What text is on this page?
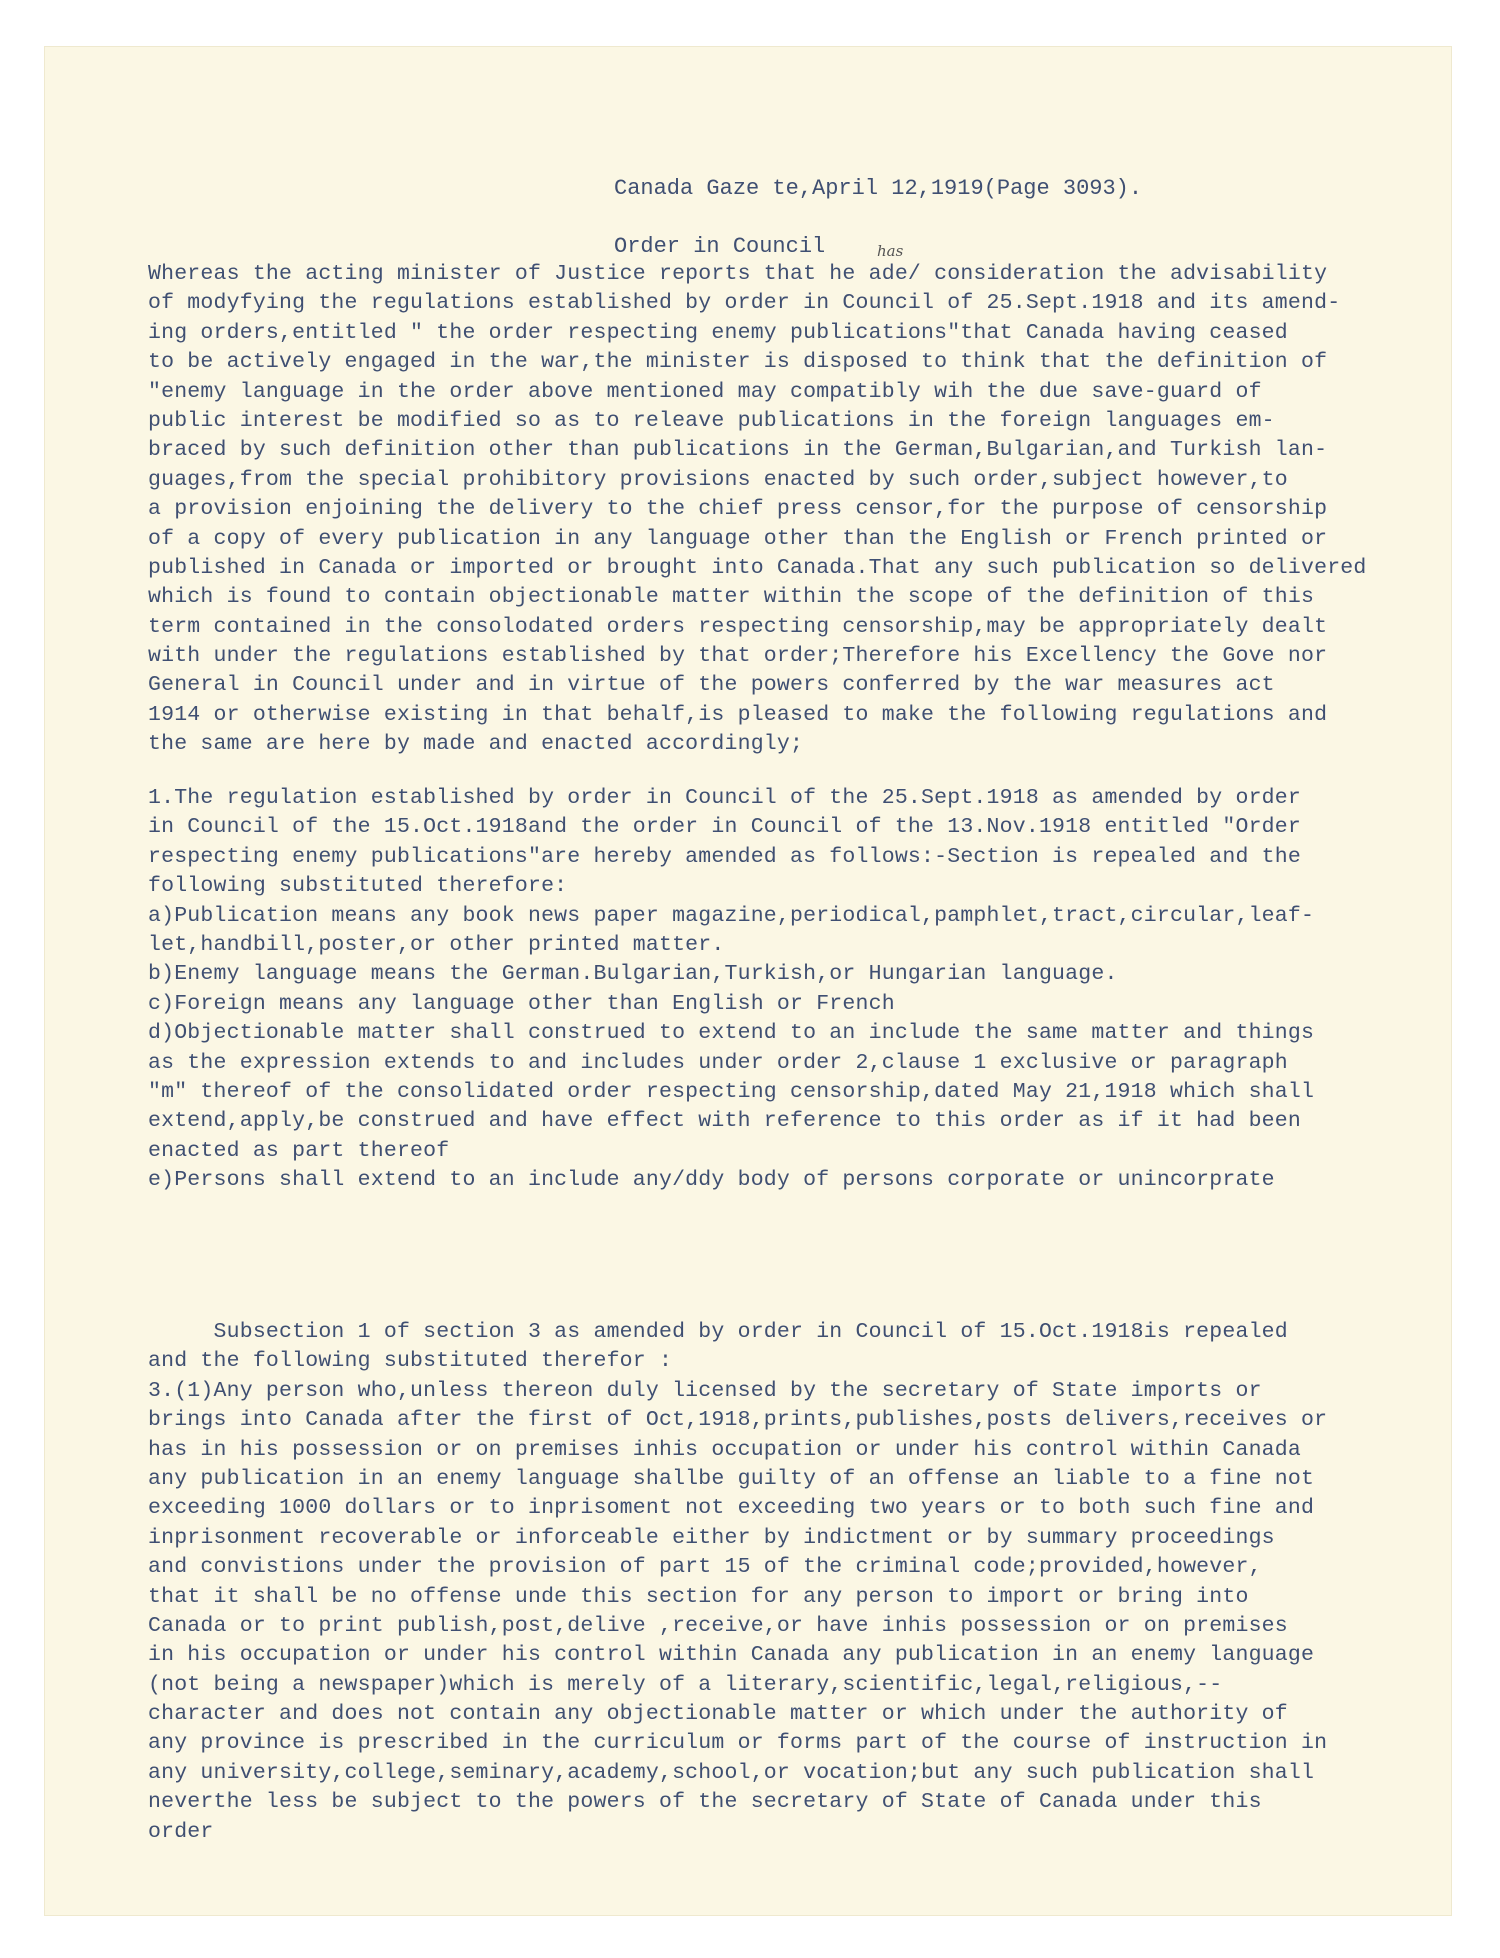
Canada Gaze te,April 12,1919(Page 3093).
Order in Council	has

Whereas the acting minister of Justice reports that he ade/ consideration the advisability

of modyfying the regulations established by order in Council of 25.Sept.1918 and its amend-

ing orders,entitled " the order respecting enemy publications"that Canada having ceased

to be actively engaged in the war,the minister is disposed to think that the definition of

"enemy language in the order above mentioned may compatibly wih the due save-guard of

public interest be modified so as to releave publications in the foreign languages em-

braced by such definition other than publications in the German,Bulgarian,and Turkish lan-

guages,from the special prohibitory provisions enacted by such order,subject however,to

a provision enjoining the delivery to the chief press censor,for the purpose of censorship

of a copy of every publication in any language other than the English or French printed or

published in Canada or imported or brought into Canada.That any such publication so delivered

which is found to contain objectionable matter within the scope of the definition of this

term contained in the consolodated orders respecting censorship,may be appropriately dealt

with under the regulations established by that order;Therefore his Excellency the Gove nor

General in Council under and in virtue of the powers conferred by the war measures act

1914 or otherwise existing in that behalf,is pleased to make the following regulations and

the same are here by made and enacted accordingly;

1.The regulation established by order in Council of the 25.Sept.1918 as amended by order

in Council of the 15.Oct.1918and the order in Council of the 13.Nov.1918 entitled "Order

respecting enemy publications"are hereby amended as follows:-Section is repealed and the

following substituted therefore:

a)Publication means any book news paper magazine,periodical,pamphlet,tract,circular,leaf-

let,handbill,poster,or other printed matter.

b)Enemy language means the German.Bulgarian,Turkish,or Hungarian language.

c)Foreign means any language other than English or French

d)Objectionable matter shall construed to extend to an include the same matter and things

as the expression extends to and includes under order 2,clause 1 exclusive or paragraph

"m" thereof of the consolidated order respecting censorship,dated May 21,1918 which shall

extend,apply,be construed and have effect with reference to this order as if it had been

enacted as part thereof

e)Persons shall extend to an include any/ddy body of persons corporate or unincorprate

Subsection 1 of section 3 as amended by order in Council of 15.Oct.1918is repealed

and the following substituted therefor :

3.(1)Any person who,unless thereon duly licensed by the secretary of State imports or

brings into Canada after the first of Oct,1918,prints,publishes,posts delivers,receives or

has in his possession or on premises inhis occupation or under his control within Canada

any publication in an enemy language shallbe guilty of an offense an liable to a fine not

exceeding 1000 dollars or to inprisoment not exceeding two years or to both such fine and

inprisonment recoverable or inforceable either by indictment or by summary proceedings

and convistions under the provision of part 15 of the criminal code;provided,however,

that it shall be no offense unde this section for any person to import or bring into

Canada or to print publish,post,delive ,receive,or have inhis possession or on premises

in his occupation or under his control within Canada any publication in an enemy language

(not being a newspaper)which is merely of a literary,scientific,legal,religious,--

character and does not contain any objectionable matter or which under the authority of

any province is prescribed in the curriculum or forms part of the course of instruction in

any university,college,seminary,academy,school,or vocation;but any such publication shall

neverthe less be subject to the powers of the secretary of State of Canada under this

order
